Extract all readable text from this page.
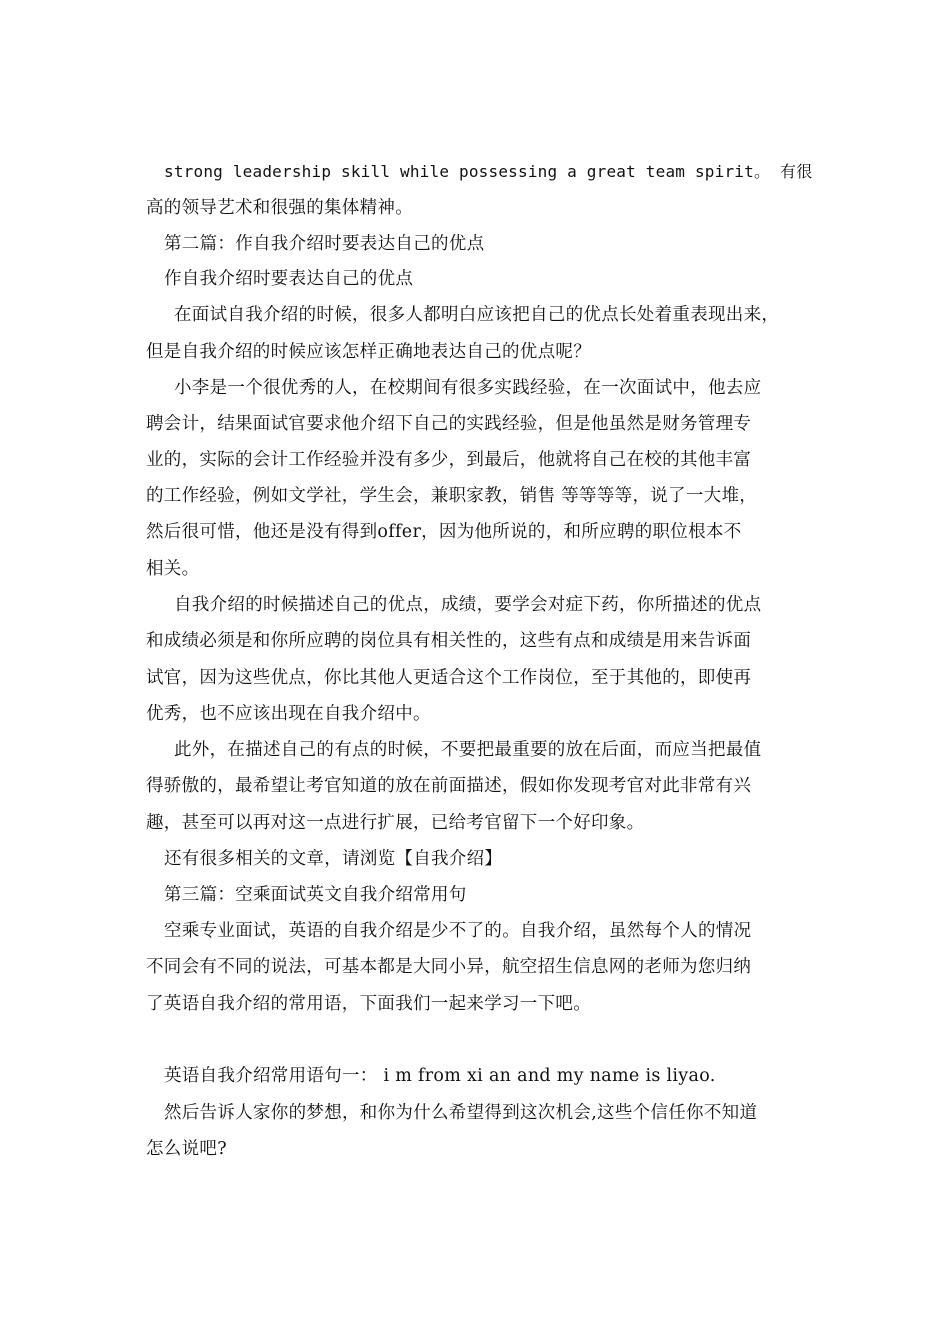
strong leadership skill while possessing a great team spirit。 有很
高的领导艺术和很强的集体精神。
第二篇：作自我介绍时要表达自己的优点
作自我介绍时要表达自己的优点
在面试自我介绍的时候，很多人都明白应该把自己的优点长处着重表现出来，
但是自我介绍的时候应该怎样正确地表达自己的优点呢？
小李是一个很优秀的人，在校期间有很多实践经验，在一次面试中，他去应
聘会计，结果面试官要求他介绍下自己的实践经验，但是他虽然是财务管理专
业的，实际的会计工作经验并没有多少，到最后，他就将自己在校的其他丰富
的工作经验，例如文学社，学生会，兼职家教，销售 等等等等，说了一大堆，
然后很可惜，他还是没有得到offer，因为他所说的，和所应聘的职位根本不
相关。
自我介绍的时候描述自己的优点，成绩，要学会对症下药，你所描述的优点
和成绩必须是和你所应聘的岗位具有相关性的，这些有点和成绩是用来告诉面
试官，因为这些优点，你比其他人更适合这个工作岗位，至于其他的，即使再
优秀，也不应该出现在自我介绍中。
此外，在描述自己的有点的时候，不要把最重要的放在后面，而应当把最值
得骄傲的，最希望让考官知道的放在前面描述，假如你发现考官对此非常有兴
趣，甚至可以再对这一点进行扩展，已给考官留下一个好印象。
还有很多相关的文章，请浏览【自我介绍】
第三篇：空乘面试英文自我介绍常用句
空乘专业面试，英语的自我介绍是少不了的。自我介绍，虽然每个人的情况
不同会有不同的说法，可基本都是大同小异，航空招生信息网的老师为您归纳
了英语自我介绍的常用语，下面我们一起来学习一下吧。
英语自我介绍常用语句一： i m from xi an and my name is liyao.
然后告诉人家你的梦想，和你为什么希望得到这次机会,这些个信任你不知道
怎么说吧?
